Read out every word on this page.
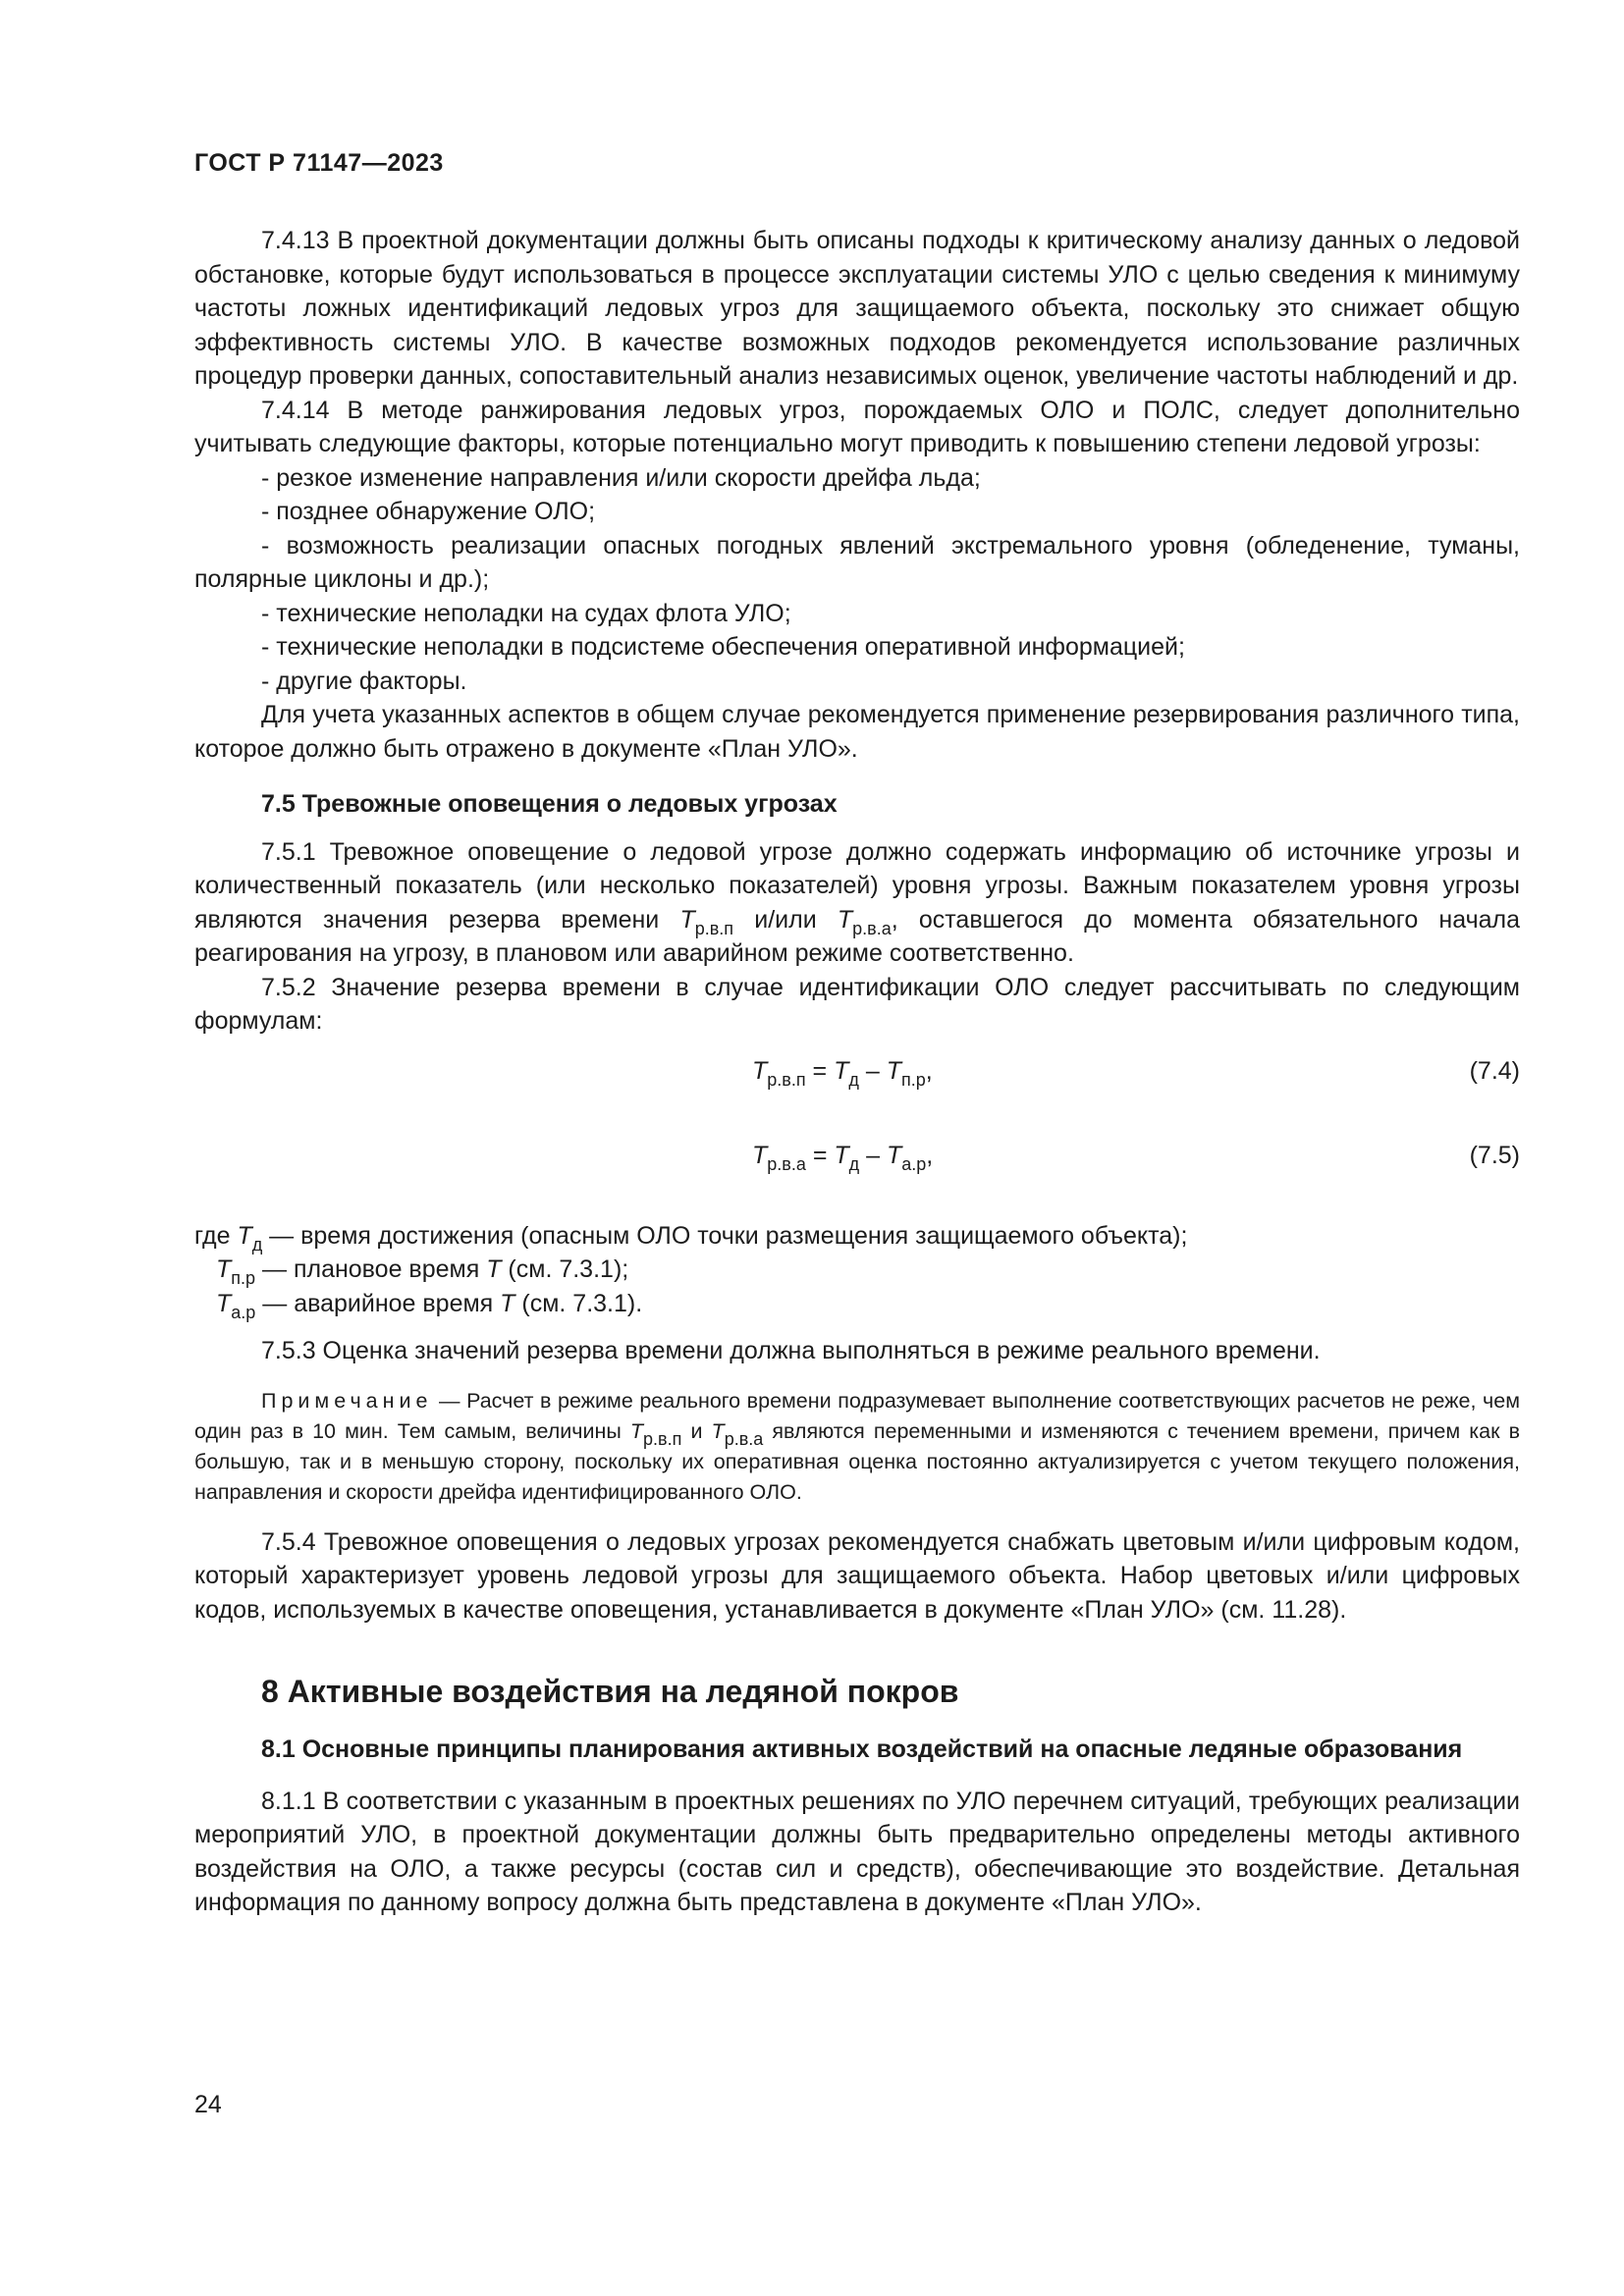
ГОСТ Р 71147—2023

7.4.13 В проектной документации должны быть описаны подходы к критическому анализу данных о ледовой обстановке, которые будут использоваться в процессе эксплуатации системы УЛО с целью сведения к минимуму частоты ложных идентификаций ледовых угроз для защищаемого объекта, поскольку это снижает общую эффективность системы УЛО. В качестве возможных подходов рекомендуется использование различных процедур проверки данных, сопоставительный анализ независимых оценок, увеличение частоты наблюдений и др.

7.4.14 В методе ранжирования ледовых угроз, порождаемых ОЛО и ПОЛС, следует дополнительно учитывать следующие факторы, которые потенциально могут приводить к повышению степени ледовой угрозы:

- резкое изменение направления и/или скорости дрейфа льда;

- позднее обнаружение ОЛО;

- возможность реализации опасных погодных явлений экстремального уровня (обледенение, туманы, полярные циклоны и др.);

- технические неполадки на судах флота УЛО;

- технические неполадки в подсистеме обеспечения оперативной информацией;

- другие факторы.

Для учета указанных аспектов в общем случае рекомендуется применение резервирования различного типа, которое должно быть отражено в документе «План УЛО».

7.5 Тревожные оповещения о ледовых угрозах

7.5.1 Тревожное оповещение о ледовой угрозе должно содержать информацию об источнике угрозы и количественный показатель (или несколько показателей) уровня угрозы. Важным показателем уровня угрозы являются значения резерва времени $T_{р.в.п}$ и/или $T_{р.в.а}$, оставшегося до момента обязательного начала реагирования на угрозу, в плановом или аварийном режиме соответственно.

7.5.2 Значение резерва времени в случае идентификации ОЛО следует рассчитывать по следующим формулам:

$T_{р.в.п} = T_д - T_{п.р}$,	(7.4)
$T_{р.в.а} = T_д - T_{а.р}$,	(7.5)

где $T_д$ — время достижения (опасным ОЛО точки размещения защищаемого объекта);

$T_{п.р}$ — плановое время T (см. 7.3.1);

$T_{а.р}$ — аварийное время T (см. 7.3.1).

7.5.3 Оценка значений резерва времени должна выполняться в режиме реального времени.

Примечание — Расчет в режиме реального времени подразумевает выполнение соответствующих расчетов не реже, чем один раз в 10 мин. Тем самым, величины $T_{р.в.п}$ и $T_{р.в.а}$ являются переменными и изменяются с течением времени, причем как в большую, так и в меньшую сторону, поскольку их оперативная оценка постоянно актуализируется с учетом текущего положения, направления и скорости дрейфа идентифицированного ОЛО.

7.5.4 Тревожное оповещения о ледовых угрозах рекомендуется снабжать цветовым и/или цифровым кодом, который характеризует уровень ледовой угрозы для защищаемого объекта. Набор цветовых и/или цифровых кодов, используемых в качестве оповещения, устанавливается в документе «План УЛО» (см. 11.28).

8 Активные воздействия на ледяной покров
8.1 Основные принципы планирования активных воздействий на опасные ледяные образования

8.1.1 В соответствии с указанным в проектных решениях по УЛО перечнем ситуаций, требующих реализации мероприятий УЛО, в проектной документации должны быть предварительно определены методы активного воздействия на ОЛО, а также ресурсы (состав сил и средств), обеспечивающие это воздействие. Детальная информация по данному вопросу должна быть представлена в документе «План УЛО».

24
